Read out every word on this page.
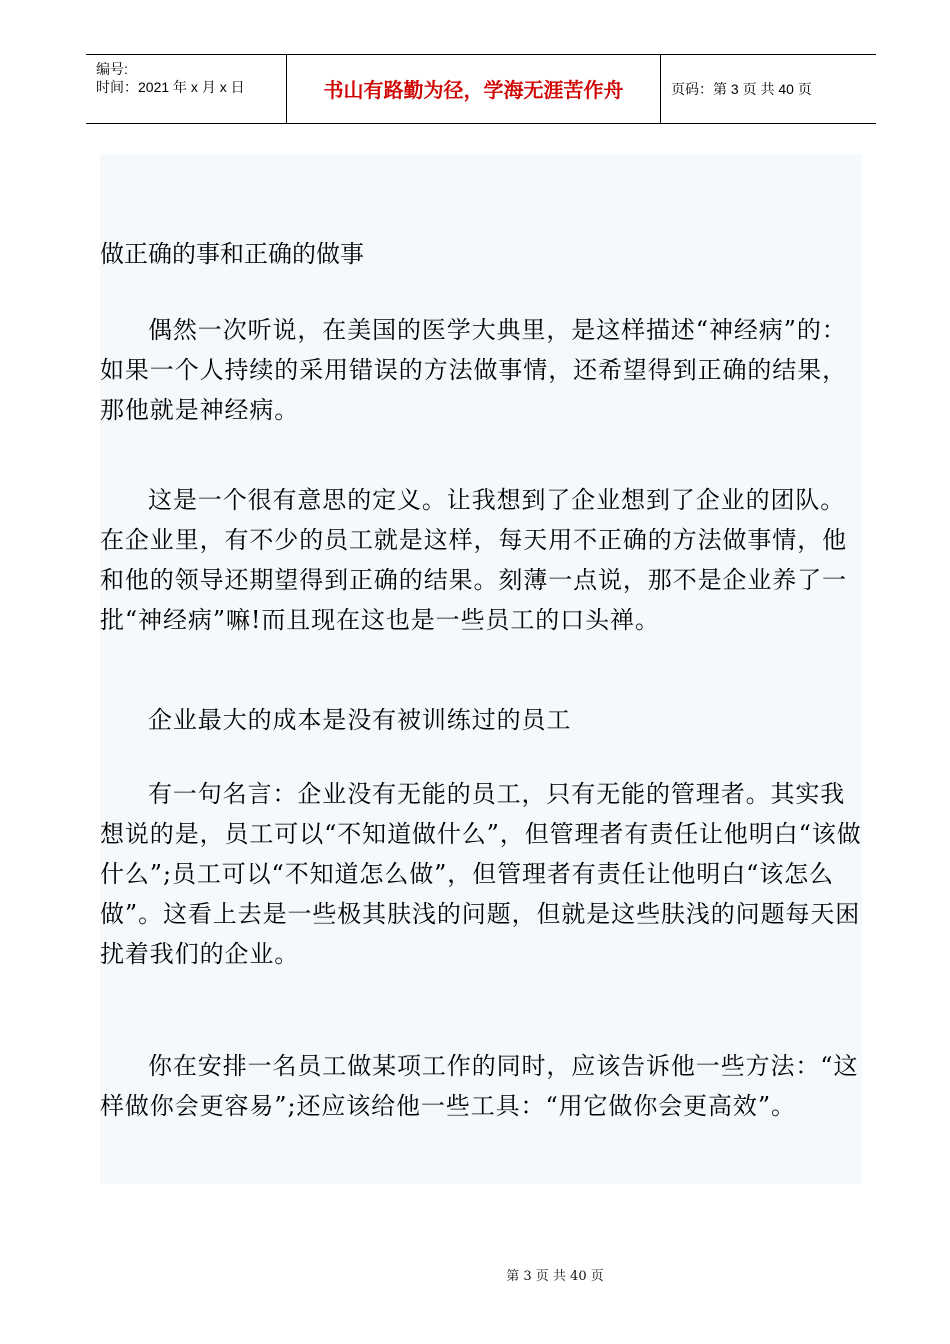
编号:
时间：2021 年 x 月 x 日	书山有路勤为径，学海无涯苦作舟	页码：第 3 页 共 40 页
做正确的事和正确的做事

偶然一次听说，在美国的医学大典里，是这样描述“神经病”的：如果一个人持续的采用错误的方法做事情，还希望得到正确的结果，那他就是神经病。

这是一个很有意思的定义。让我想到了企业想到了企业的团队。在企业里，有不少的员工就是这样，每天用不正确的方法做事情，他和他的领导还期望得到正确的结果。刻薄一点说，那不是企业养了一批“神经病”嘛!而且现在这也是一些员工的口头禅。

企业最大的成本是没有被训练过的员工

有一句名言：企业没有无能的员工，只有无能的管理者。其实我想说的是，员工可以“不知道做什么”，但管理者有责任让他明白“该做什么”;员工可以“不知道怎么做”，但管理者有责任让他明白“该怎么做”。这看上去是一些极其肤浅的问题，但就是这些肤浅的问题每天困扰着我们的企业。

你在安排一名员工做某项工作的同时，应该告诉他一些方法：“这样做你会更容易”;还应该给他一些工具：“用它做你会更高效”。

第 3 页 共 40 页
